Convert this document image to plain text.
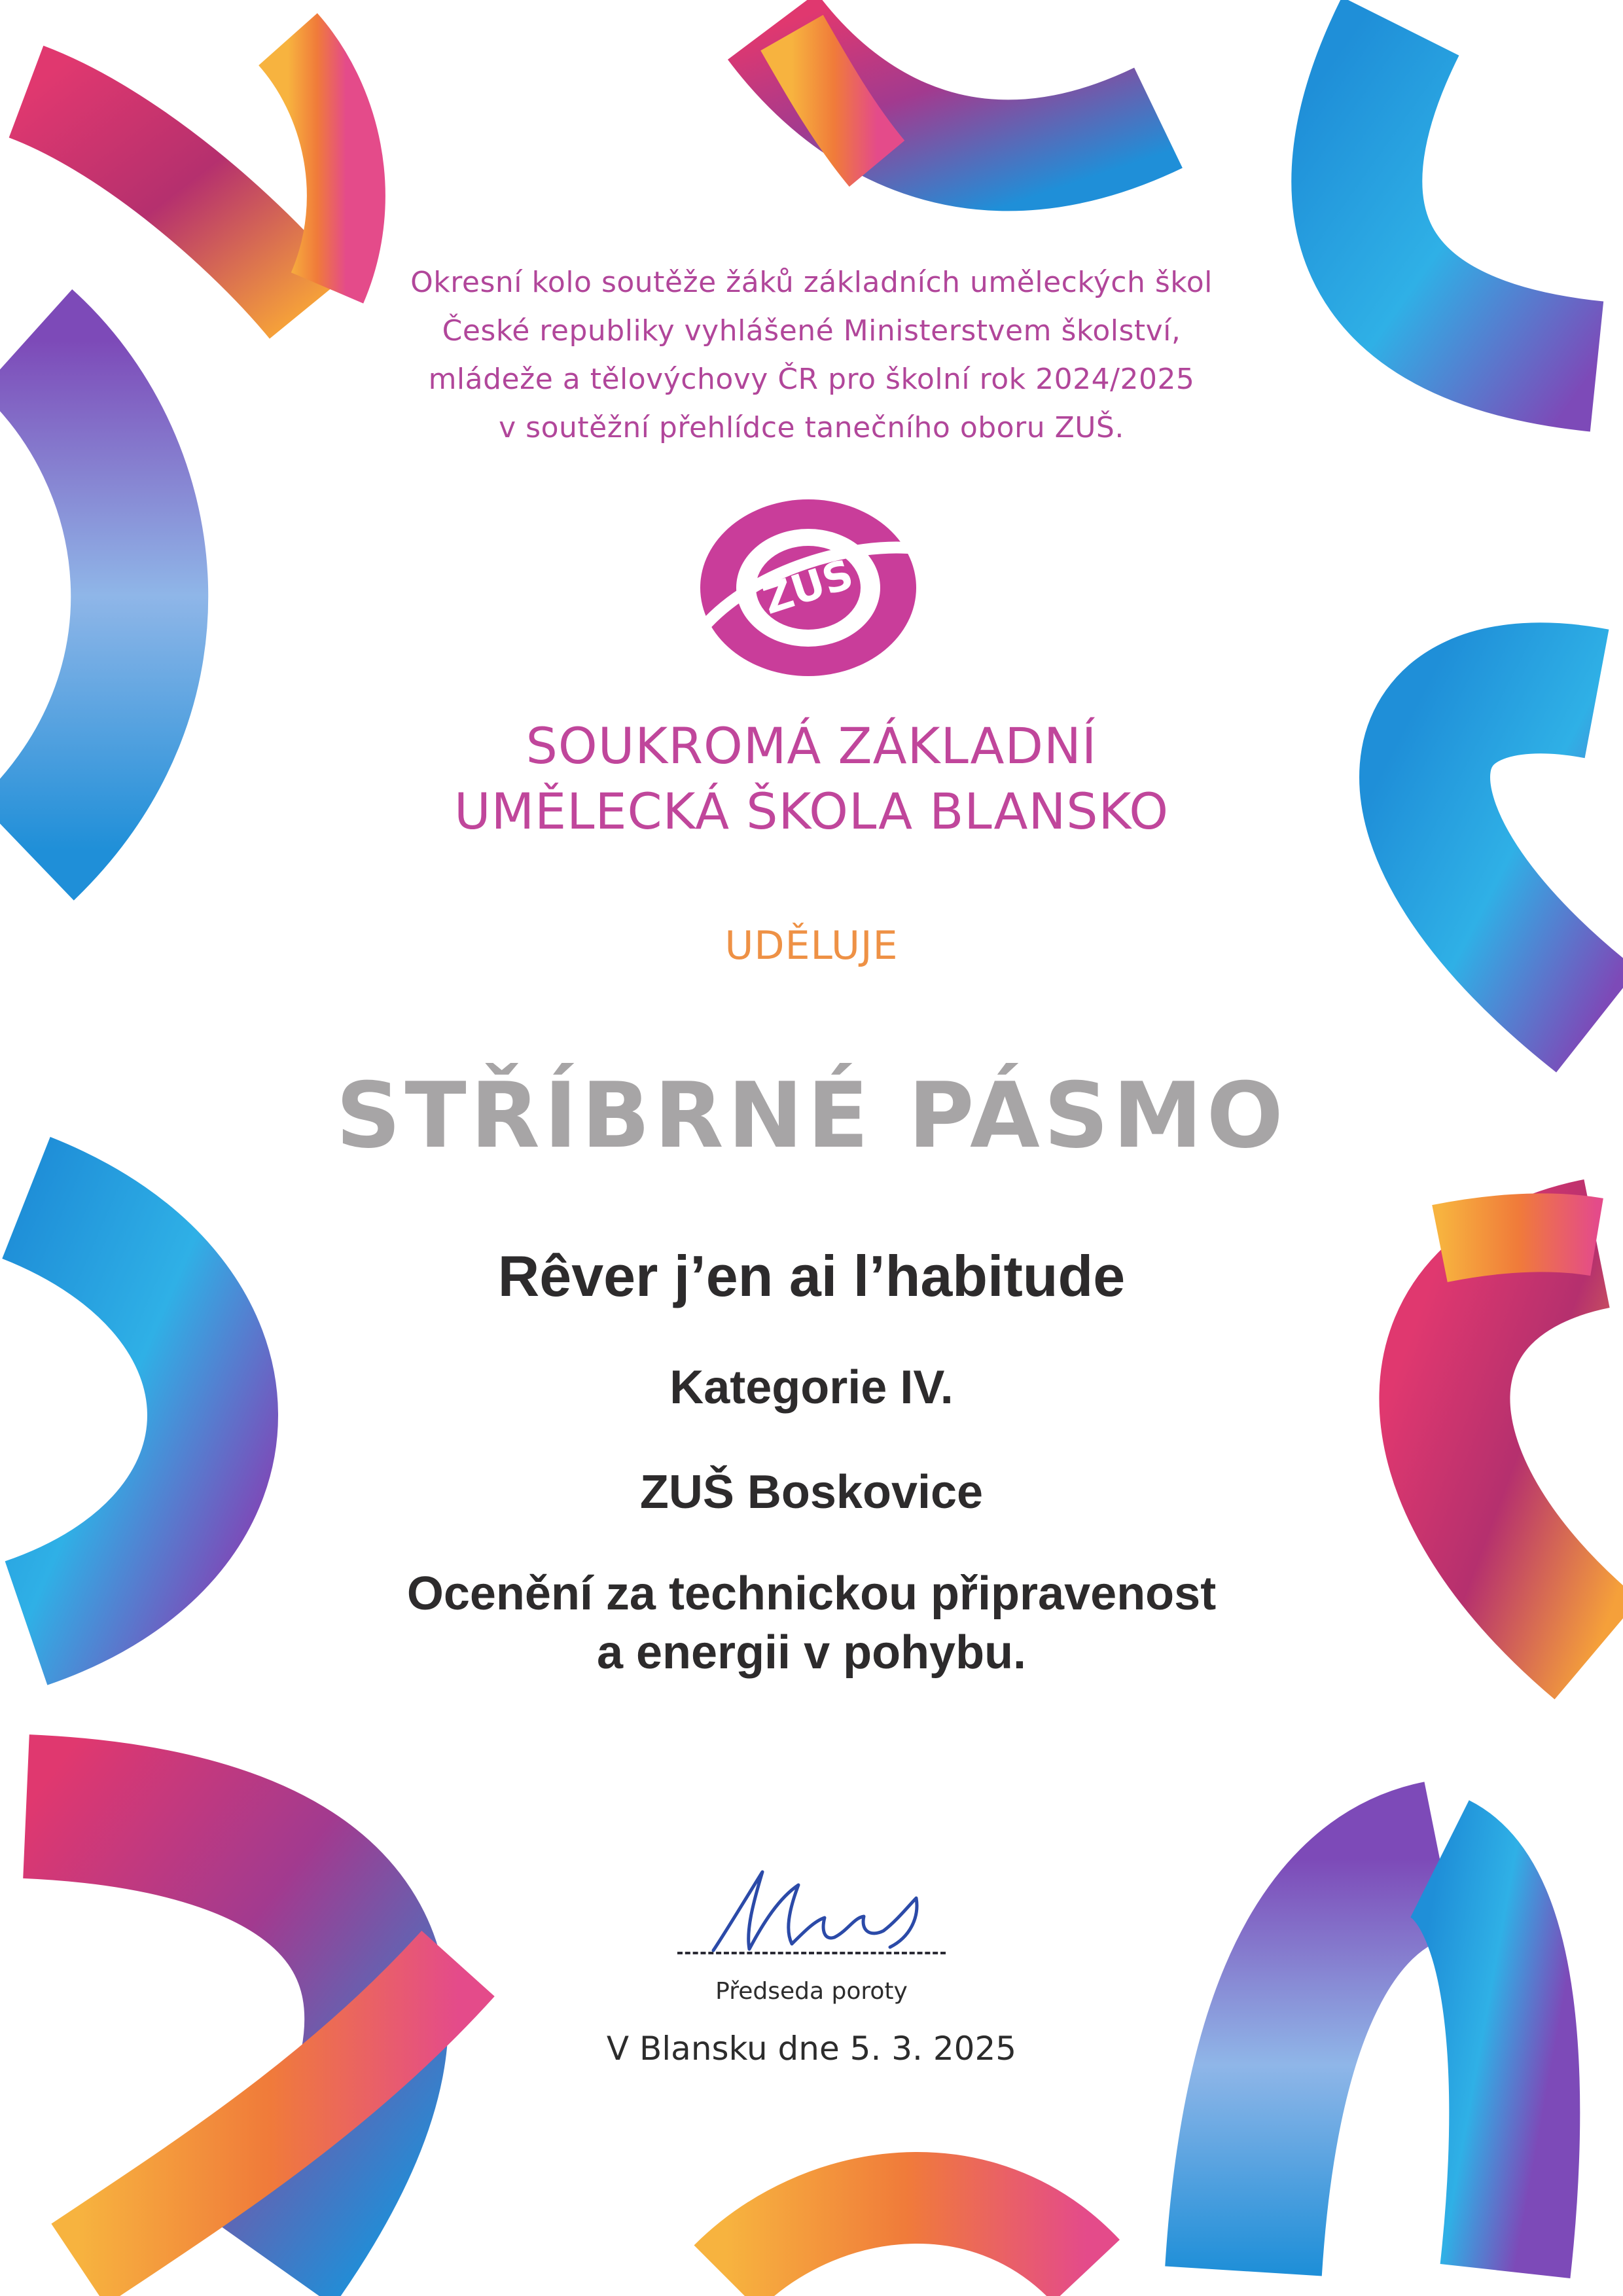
Okresní kolo soutěže žáků základních uměleckých škol
České republiky vyhlášené Ministerstvem školství,
mládeže a tělovýchovy ČR pro školní rok 2024/2025
v soutěžní přehlídce tanečního oboru ZUŠ.

ZUŠ

SOUKROMÁ ZÁKLADNÍ
UMĚLECKÁ ŠKOLA BLANSKO

UDĚLUJE

STŘÍBRNÉ PÁSMO

Rêver j’en ai l’habitude

Kategorie IV.

ZUŠ Boskovice

Ocenění za technickou připravenost
a energii v pohybu.

Předseda poroty

V Blansku dne 5. 3. 2025
